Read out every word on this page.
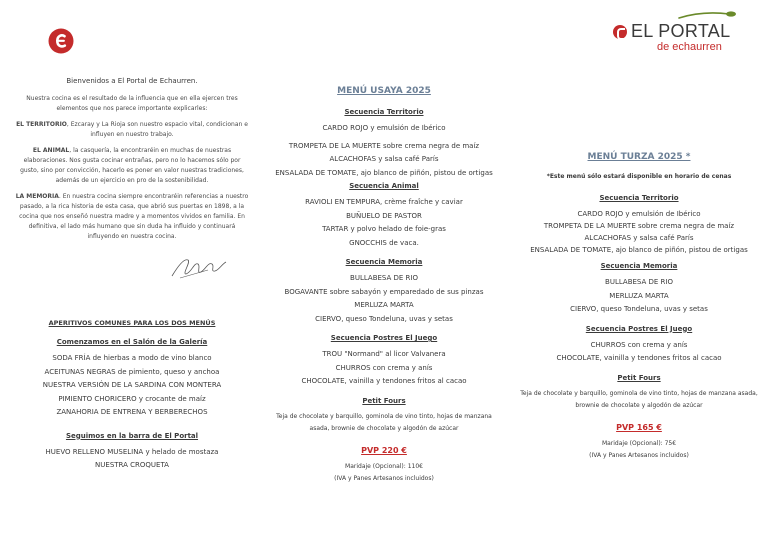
EL PORTAL
de echaurren
Bienvenidos a El Portal de Echaurren.

Nuestra cocina es el resultado de la influencia que en ella ejercen tres elementos que nos parece importante explicarles:

EL TERRITORIO, Ezcaray y La Rioja son nuestro espacio vital, condicionan e influyen en nuestro trabajo.

EL ANIMAL, la casquería, la encontraréin en muchas de nuestras elaboraciones. Nos gusta cocinar entrañas, pero no lo hacemos sólo por gusto, sino por convicción, hacerlo es poner en valor nuestras tradiciones, además de un ejercicio en pro de la sostenibilidad.

LA MEMORIA. En nuestra cocina siempre encontraréin referencias a nuestro pasado, a la rica historia de esta casa, que abrió sus puertas en 1898, a la cocina que nos enseñó nuestra madre y a momentos vividos en familia. En definitiva, el lado más humano que sin duda ha influido y continuará influyendo en nuestra cocina.

APERITIVOS COMUNES PARA LOS DOS MENÚS
Comenzamos en el Salón de la Galería
SODA FRÍA de hierbas a modo de vino blanco
ACEITUNAS NEGRAS de pimiento, queso y anchoa
NUESTRA VERSIÓN DE LA SARDINA CON MONTERA
PIMIENTO CHORICERO y crocante de maíz
ZANAHORIA DE ENTRENA Y BERBERECHOS
Seguimos en la barra de El Portal
HUEVO RELLENO MUSELINA y helado de mostaza
NUESTRA CROQUETA
MENÚ USAYA 2025
Secuencia Territorio
CARDO ROJO y emulsión de Ibérico
TROMPETA DE LA MUERTE sobre crema negra de maíz
ALCACHOFAS y salsa café París
ENSALADA DE TOMATE, ajo blanco de piñón, pistou de ortigas
Secuencia Animal
RAVIOLI EN TEMPURA, crème fraîche y caviar
BUÑUELO DE PASTOR
TARTAR y polvo helado de foie-gras
GNOCCHIS de vaca.
Secuencia Memoria
BULLABESA DE RIO
BOGAVANTE sobre sabayón y emparedado de sus pinzas
MERLUZA MARTA
CIERVO, queso Tondeluna, uvas y setas
Secuencia Postres El Juego
TROU "Normand" al licor Valvanera
CHURROS con crema y anís
CHOCOLATE, vainilla y tendones fritos al cacao
Petit Fours
Teja de chocolate y barquillo, gominola de vino tinto, hojas de manzana asada, brownie de chocolate y algodón de azúcar
PVP 220 €
Maridaje (Opcional): 110€
(IVA y Panes Artesanos incluidos)
MENÚ TURZA 2025 *
*Este menú sólo estará disponible en horario de cenas
Secuencia Territorio
CARDO ROJO y emulsión de Ibérico
TROMPETA DE LA MUERTE sobre crema negra de maíz
ALCACHOFAS y salsa café París
ENSALADA DE TOMATE, ajo blanco de piñón, pistou de ortigas
Secuencia Memoria
BULLABESA DE RIO
MERLUZA MARTA
CIERVO, queso Tondeluna, uvas y setas
Secuencia Postres El Juego
CHURROS con crema y anís
CHOCOLATE, vainilla y tendones fritos al cacao
Petit Fours
Teja de chocolate y barquillo, gominola de vino tinto, hojas de manzana asada, brownie de chocolate y algodón de azúcar
PVP 165 €
Maridaje (Opcional): 75€
(IVA y Panes Artesanos incluidos)
